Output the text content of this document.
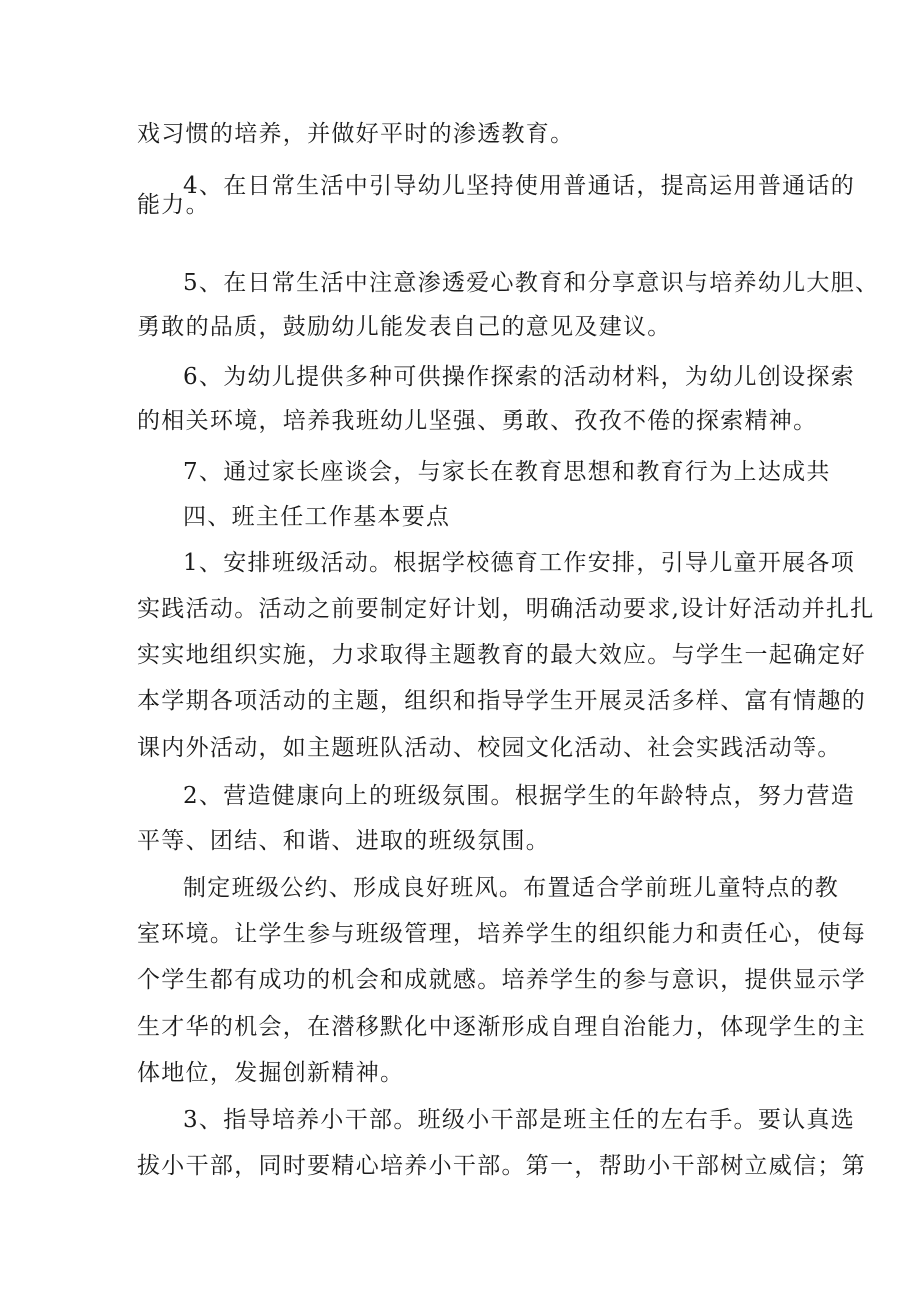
戏习惯的培养，并做好平时的渗透教育。
4、在日常生活中引导幼儿坚持使用普通话，提高运用普通话的
能力。
5、在日常生活中注意渗透爱心教育和分享意识与培养幼儿大胆、
勇敢的品质，鼓励幼儿能发表自己的意见及建议。
6、为幼儿提供多种可供操作探索的活动材料，为幼儿创设探索
的相关环境，培养我班幼儿坚强、勇敢、孜孜不倦的探索精神。
7、通过家长座谈会，与家长在教育思想和教育行为上达成共
四、班主任工作基本要点
1、安排班级活动。根据学校德育工作安排，引导儿童开展各项
实践活动。活动之前要制定好计划，明确活动要求,设计好活动并扎扎
实实地组织实施，力求取得主题教育的最大效应。与学生一起确定好
本学期各项活动的主题，组织和指导学生开展灵活多样、富有情趣的
课内外活动，如主题班队活动、校园文化活动、社会实践活动等。
2、营造健康向上的班级氛围。根据学生的年龄特点，努力营造
平等、团结、和谐、进取的班级氛围。
制定班级公约、形成良好班风。布置适合学前班儿童特点的教
室环境。让学生参与班级管理，培养学生的组织能力和责任心，使每
个学生都有成功的机会和成就感。培养学生的参与意识，提供显示学
生才华的机会，在潜移默化中逐渐形成自理自治能力，体现学生的主
体地位，发掘创新精神。
3、指导培养小干部。班级小干部是班主任的左右手。要认真选
拔小干部，同时要精心培养小干部。第一，帮助小干部树立威信；第
